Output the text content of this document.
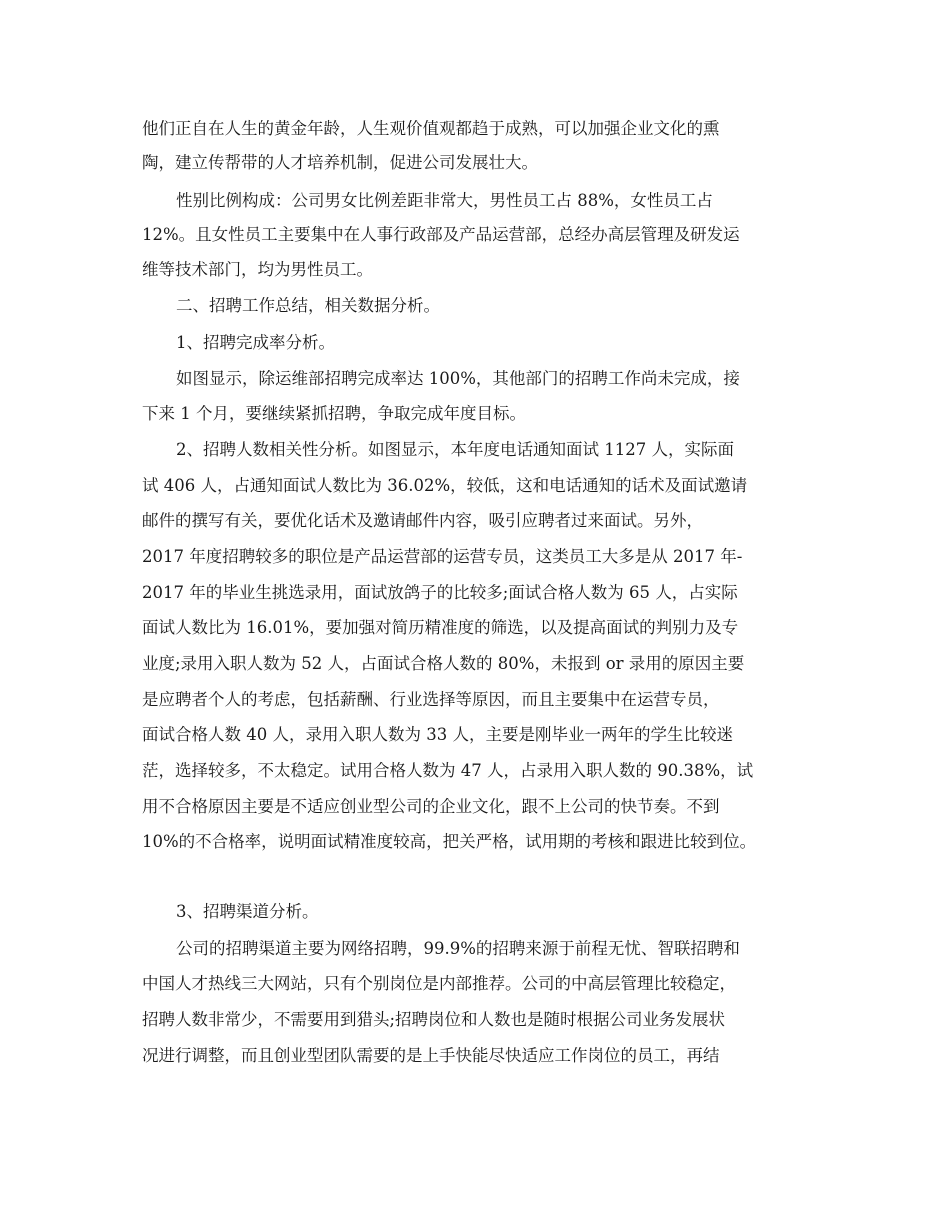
他们正自在人生的黄金年龄，人生观价值观都趋于成熟，可以加强企业文化的熏
陶，建立传帮带的人才培养机制，促进公司发展壮大。
性别比例构成：公司男女比例差距非常大，男性员工占 88%，女性员工占
12%。且女性员工主要集中在人事行政部及产品运营部，总经办高层管理及研发运
维等技术部门，均为男性员工。
二、招聘工作总结，相关数据分析。
1、招聘完成率分析。
如图显示，除运维部招聘完成率达 100%，其他部门的招聘工作尚未完成，接
下来 1 个月，要继续紧抓招聘，争取完成年度目标。
2、招聘人数相关性分析。如图显示，本年度电话通知面试 1127 人，实际面
试 406 人，占通知面试人数比为 36.02%，较低，这和电话通知的话术及面试邀请
邮件的撰写有关，要优化话术及邀请邮件内容，吸引应聘者过来面试。另外，
2017 年度招聘较多的职位是产品运营部的运营专员，这类员工大多是从 2017 年-
2017 年的毕业生挑选录用，面试放鸽子的比较多;面试合格人数为 65 人，占实际
面试人数比为 16.01%，要加强对简历精准度的筛选，以及提高面试的判别力及专
业度;录用入职人数为 52 人，占面试合格人数的 80%，未报到 or 录用的原因主要
是应聘者个人的考虑，包括薪酬、行业选择等原因，而且主要集中在运营专员，
面试合格人数 40 人，录用入职人数为 33 人，主要是刚毕业一两年的学生比较迷
茫，选择较多，不太稳定。试用合格人数为 47 人，占录用入职人数的 90.38%，试
用不合格原因主要是不适应创业型公司的企业文化，跟不上公司的快节奏。不到
10%的不合格率，说明面试精准度较高，把关严格，试用期的考核和跟进比较到位。
3、招聘渠道分析。
公司的招聘渠道主要为网络招聘，99.9%的招聘来源于前程无忧、智联招聘和
中国人才热线三大网站，只有个别岗位是内部推荐。公司的中高层管理比较稳定，
招聘人数非常少，不需要用到猎头;招聘岗位和人数也是随时根据公司业务发展状
况进行调整，而且创业型团队需要的是上手快能尽快适应工作岗位的员工，再结
